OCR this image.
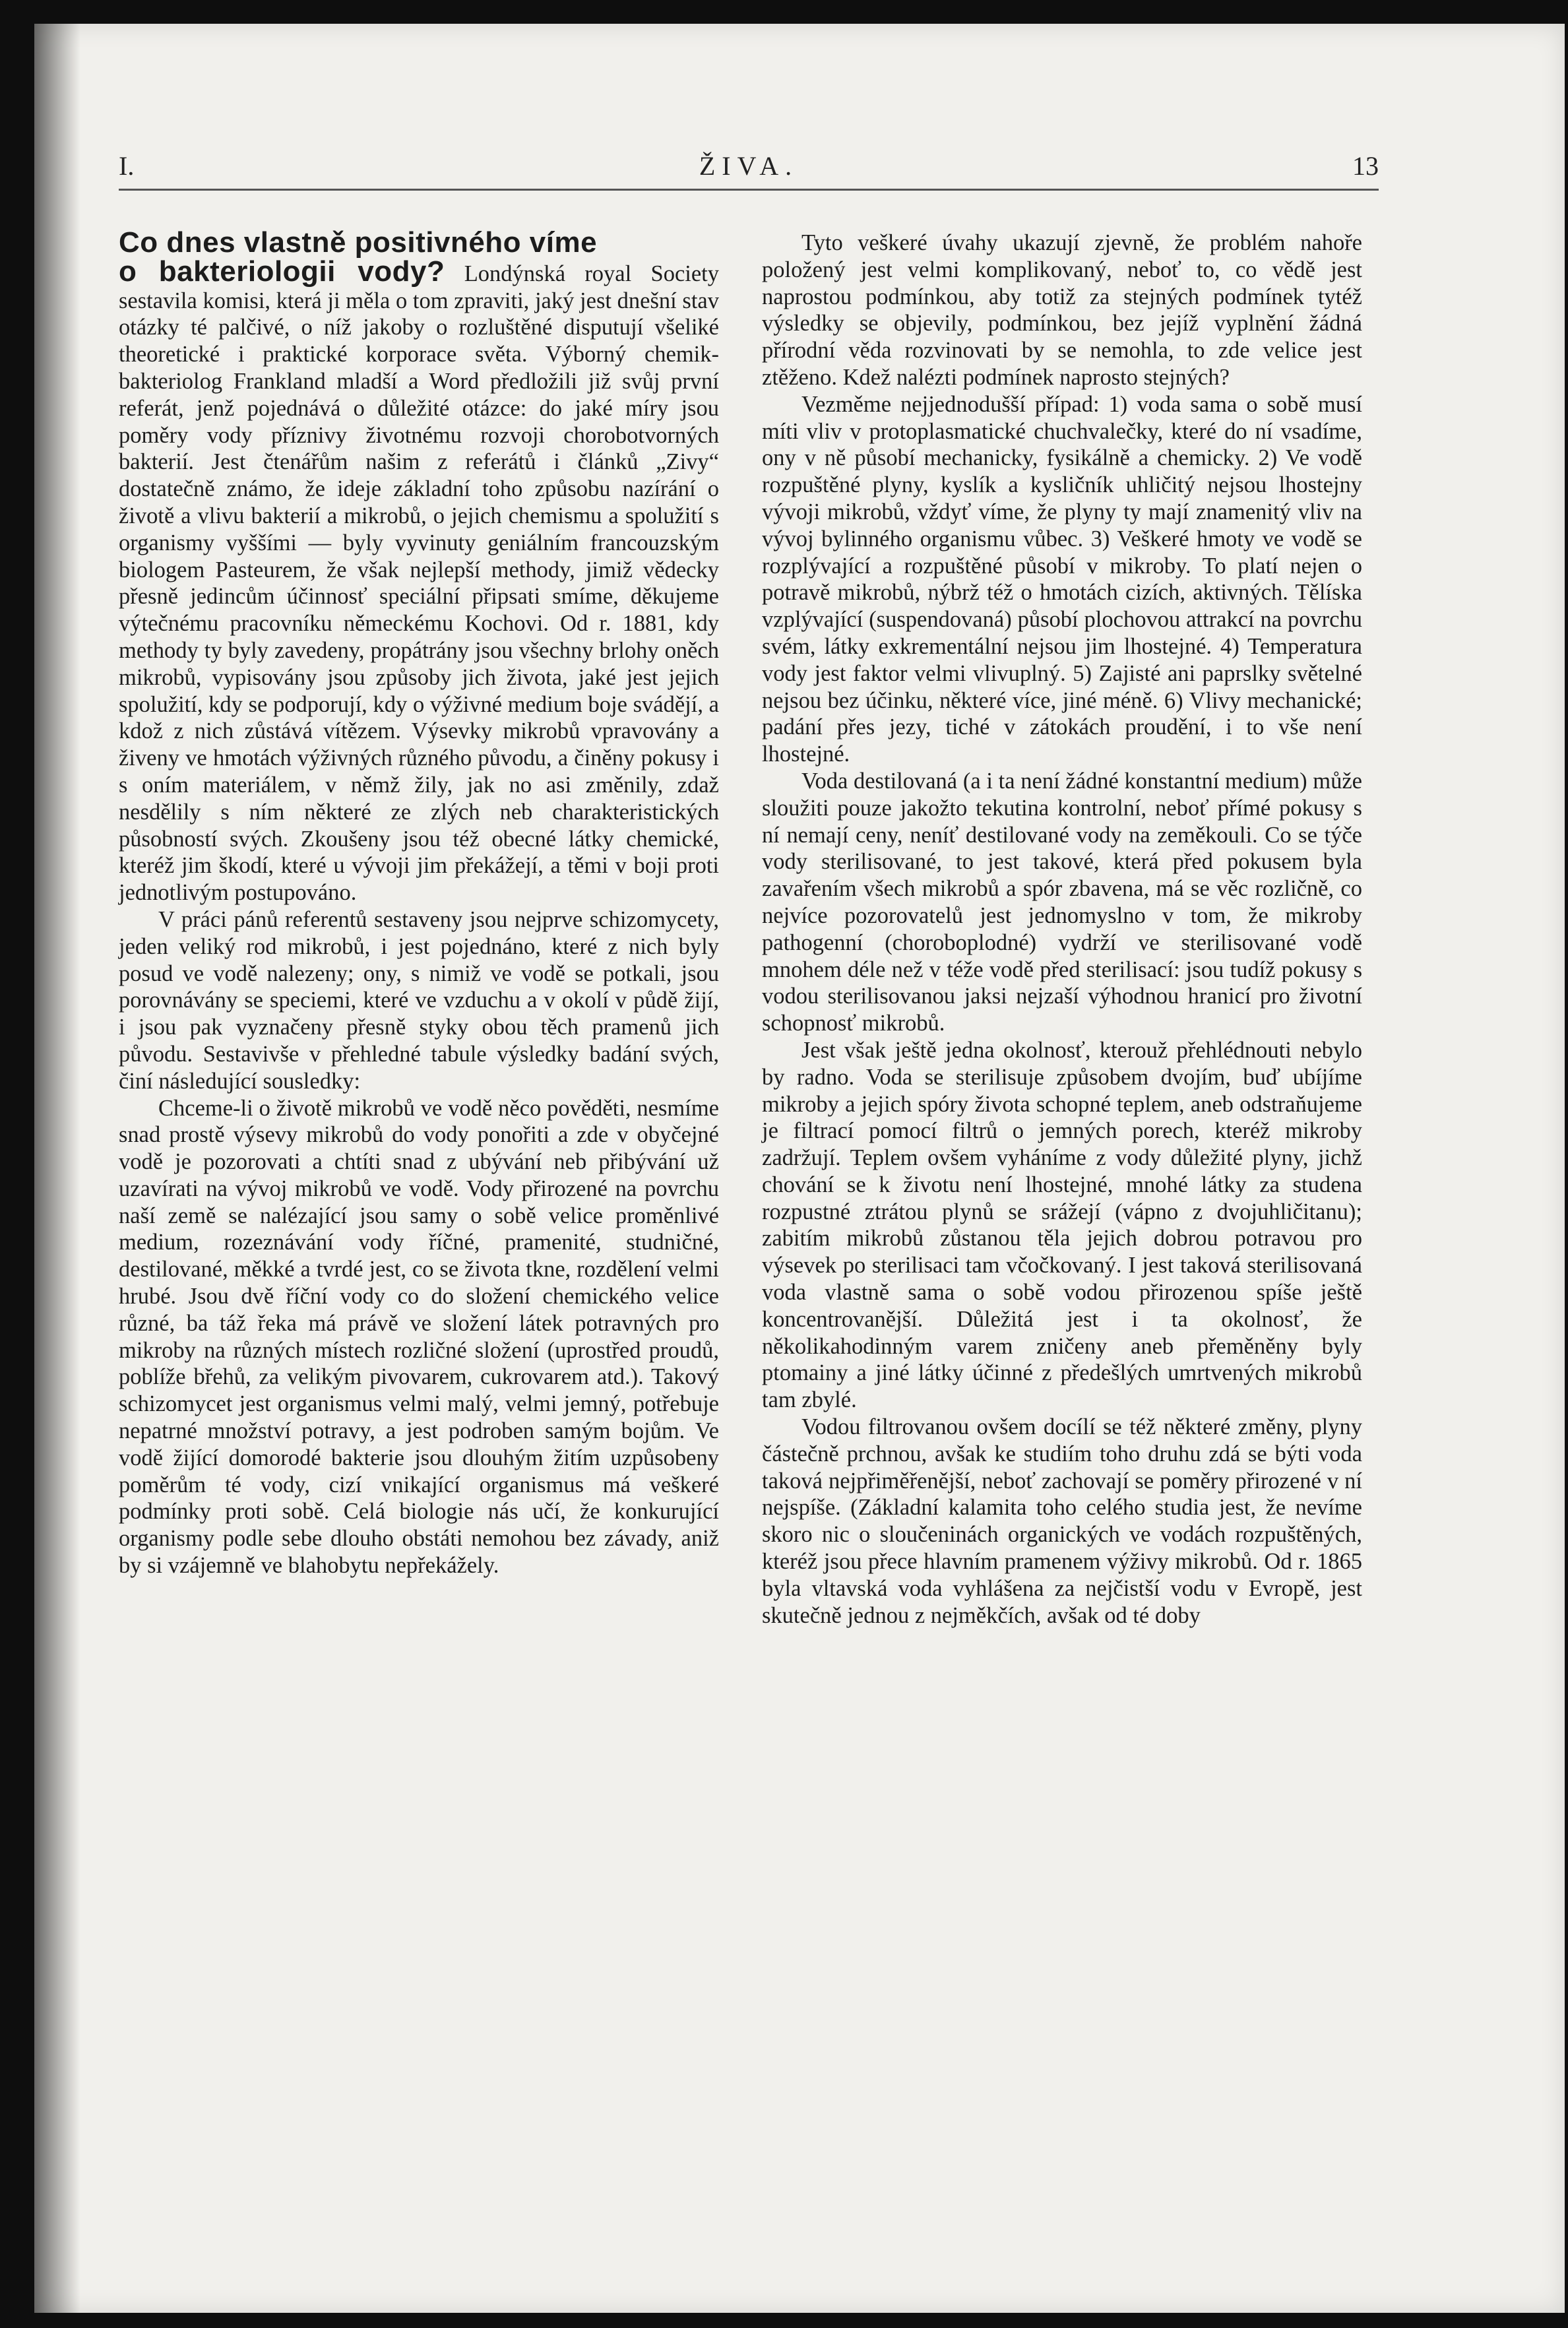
I.	ŽIVA.	13

Co dnes vlastně positivného víme
o bakteriologii vody? Londýnská royal Society sestavila komisi, která ji měla o tom zpraviti, jaký jest dnešní stav otázky té palčivé, o níž jakoby o rozluštěné disputují všeliké theoretické i praktické korporace světa. Výborný chemik-bakteriolog Frankland mladší a Word předložili již svůj první referát, jenž pojednává o důležité otázce: do jaké míry jsou poměry vody příznivy životnému rozvoji chorobotvorných bakterií. Jest čtenářům našim z referátů i článků „Zivy“ dostatečně známo, že ideje základní toho způsobu nazírání o životě a vlivu bakterií a mikrobů, o jejich chemismu a spolužití s organismy vyššími — byly vyvinuty geniálním francouzským biologem Pasteurem, že však nejlepší methody, jimiž vědecky přesně jedincům účinnosť speciální připsati smíme, děkujeme výtečnému pracovníku německému Kochovi. Od r. 1881, kdy methody ty byly zavedeny, propátrány jsou všechny brlohy oněch mikrobů, vypisovány jsou způsoby jich života, jaké jest jejich spolužití, kdy se podporují, kdy o výživné medium boje svádějí, a kdož z nich zůstává vítězem. Výsevky mikrobů vpravovány a živeny ve hmotách výživných různého původu, a činěny pokusy i s oním materiálem, v němž žily, jak no asi změnily, zdaž nesdělily s ním některé ze zlých neb charakteristických působností svých. Zkoušeny jsou též obecné látky chemické, kteréž jim škodí, které u vývoji jim překážejí, a těmi v boji proti jednotlivým postupováno.

V práci pánů referentů sestaveny jsou nejprve schizomycety, jeden veliký rod mikrobů, i jest pojednáno, které z nich byly posud ve vodě nalezeny; ony, s nimiž ve vodě se potkali, jsou porovnávány se speciemi, které ve vzduchu a v okolí v půdě žijí, i jsou pak vyznačeny přesně styky obou těch pramenů jich původu. Sestavivše v přehledné tabule výsledky badání svých, činí následující sousledky:

Chceme-li o životě mikrobů ve vodě něco pověděti, nesmíme snad prostě výsevy mikrobů do vody ponořiti a zde v obyčejné vodě je pozorovati a chtíti snad z ubývání neb přibývání už uzavírati na vývoj mikrobů ve vodě. Vody přirozené na povrchu naší země se nalézající jsou samy o sobě velice proměnlivé medium, rozeznávání vody říčné, pramenité, studničné, destilované, měkké a tvrdé jest, co se života tkne, rozdělení velmi hrubé. Jsou dvě říční vody co do složení chemického velice různé, ba táž řeka má právě ve složení látek potravných pro mikroby na různých místech rozličné složení (uprostřed proudů, poblíže břehů, za velikým pivovarem, cukrovarem atd.). Takový schizomycet jest organismus velmi malý, velmi jemný, potřebuje nepatrné množství potravy, a jest podroben samým bojům. Ve vodě žijící domorodé bakterie jsou dlouhým žitím uzpůsobeny poměrům té vody, cizí vnikající organismus má veškeré podmínky proti sobě. Celá biologie nás učí, že konkurující organismy podle sebe dlouho obstáti nemohou bez závady, aniž by si vzájemně ve blahobytu nepřekážely.

Tyto veškeré úvahy ukazují zjevně, že problém nahoře položený jest velmi komplikovaný, neboť to, co vědě jest naprostou podmínkou, aby totiž za stejných podmínek tytéž výsledky se objevily, podmínkou, bez jejíž vyplnění žádná přírodní věda rozvinovati by se nemohla, to zde velice jest ztěženo. Kdež nalézti podmínek naprosto stejných?

Vezměme nejjednodušší případ: 1) voda sama o sobě musí míti vliv v protoplasmatické chuchvalečky, které do ní vsadíme, ony v ně působí mechanicky, fysikálně a chemicky. 2) Ve vodě rozpuštěné plyny, kyslík a kysličník uhličitý nejsou lhostejny vývoji mikrobů, vždyť víme, že plyny ty mají znamenitý vliv na vývoj bylinného organismu vůbec. 3) Veškeré hmoty ve vodě se rozplývající a rozpuštěné působí v mikroby. To platí nejen o potravě mikrobů, nýbrž též o hmotách cizích, aktivných. Tělíska vzplývající (suspendovaná) působí plochovou attrakcí na povrchu svém, látky exkrementální nejsou jim lhostejné. 4) Temperatura vody jest faktor velmi vlivuplný. 5) Zajisté ani paprslky světelné nejsou bez účinku, některé více, jiné méně. 6) Vlivy mechanické; padání přes jezy, tiché v zátokách proudění, i to vše není lhostejné.

Voda destilovaná (a i ta není žádné konstantní medium) může sloužiti pouze jakožto tekutina kontrolní, neboť přímé pokusy s ní nemají ceny, neníť destilované vody na zeměkouli. Co se týče vody sterilisované, to jest takové, která před pokusem byla zavařením všech mikrobů a spór zbavena, má se věc rozličně, co nejvíce pozorovatelů jest jednomyslno v tom, že mikroby pathogenní (choroboplodné) vydrží ve sterilisované vodě mnohem déle než v téže vodě před sterilisací: jsou tudíž pokusy s vodou sterilisovanou jaksi nejzaší výhodnou hranicí pro životní schopnosť mikrobů.

Jest však ještě jedna okolnosť, kterouž přehlédnouti nebylo by radno. Voda se sterilisuje způsobem dvojím, buď ubíjíme mikroby a jejich spóry života schopné teplem, aneb odstraňujeme je filtrací pomocí filtrů o jemných porech, kteréž mikroby zadržují. Teplem ovšem vyháníme z vody důležité plyny, jichž chování se k životu není lhostejné, mnohé látky za studena rozpustné ztrátou plynů se srážejí (vápno z dvojuhličitanu); zabitím mikrobů zůstanou těla jejich dobrou potravou pro výsevek po sterilisaci tam včočkovaný. I jest taková sterilisovaná voda vlastně sama o sobě vodou přirozenou spíše ještě koncentrovanější. Důležitá jest i ta okolnosť, že několikahodinným varem zničeny aneb přeměněny byly ptomainy a jiné látky účinné z předešlých umrtvených mikrobů tam zbylé.

Vodou filtrovanou ovšem docílí se též některé změny, plyny částečně prchnou, avšak ke studiím toho druhu zdá se býti voda taková nejpřiměřenější, neboť zachovají se poměry přirozené v ní nejspíše. (Základní kalamita toho celého studia jest, že nevíme skoro nic o sloučeninách organických ve vodách rozpuštěných, kteréž jsou přece hlavním pramenem výživy mikrobů. Od r. 1865 byla vltavská voda vyhlášena za nejčistší vodu v Evropě, jest skutečně jednou z nejměkčích, avšak od té doby
